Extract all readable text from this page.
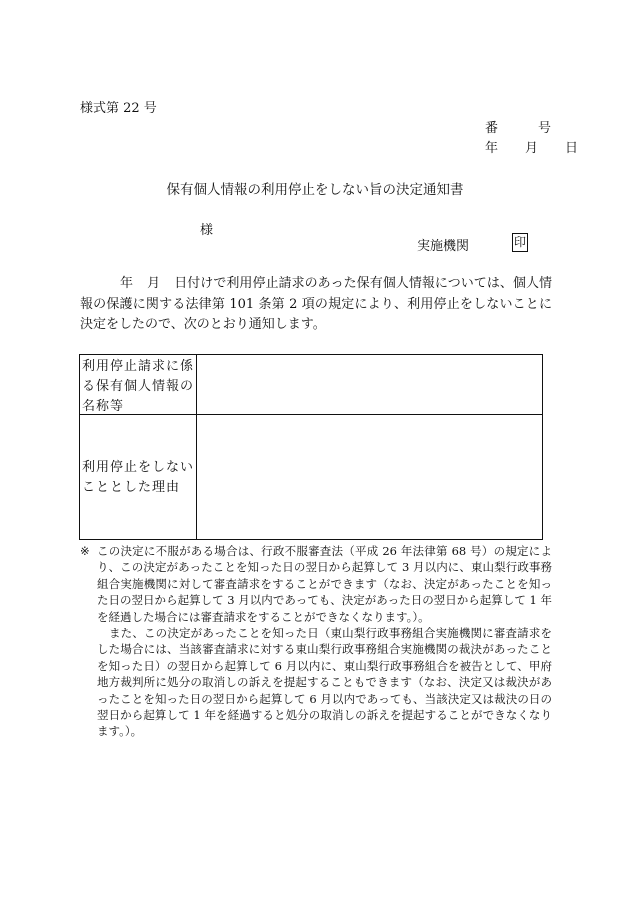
様式第 22 号
番	号
年 月 日
保有個人情報の利用停止をしない旨の決定通知書
様
実施機関	印
年 月 日付けで利用停止請求のあった保有個人情報については、個人情報の保護に関する法律第 101 条第 2 項の規定により、利用停止をしないことに決定をしたので、次のとおり通知します。
利用停止請求に係る保有個人情報の名称等
利用停止をしないこととした理由
※ この決定に不服がある場合は、行政不服審査法（平成 26 年法律第 68 号）の規定により、この決定があったことを知った日の翌日から起算して 3 月以内に、東山梨行政事務組合実施機関に対して審査請求をすることができます（なお、決定があったことを知った日の翌日から起算して 3 月以内であっても、決定があった日の翌日から起算して 1 年を経過した場合には審査請求をすることができなくなります。）。
また、この決定があったことを知った日（東山梨行政事務組合実施機関に審査請求をした場合には、当該審査請求に対する東山梨行政事務組合実施機関の裁決があったことを知った日）の翌日から起算して 6 月以内に、東山梨行政事務組合を被告として、甲府地方裁判所に処分の取消しの訴えを提起することもできます（なお、決定又は裁決があったことを知った日の翌日から起算して 6 月以内であっても、当該決定又は裁決の日の翌日から起算して 1 年を経過すると処分の取消しの訴えを提起することができなくなります。）。
